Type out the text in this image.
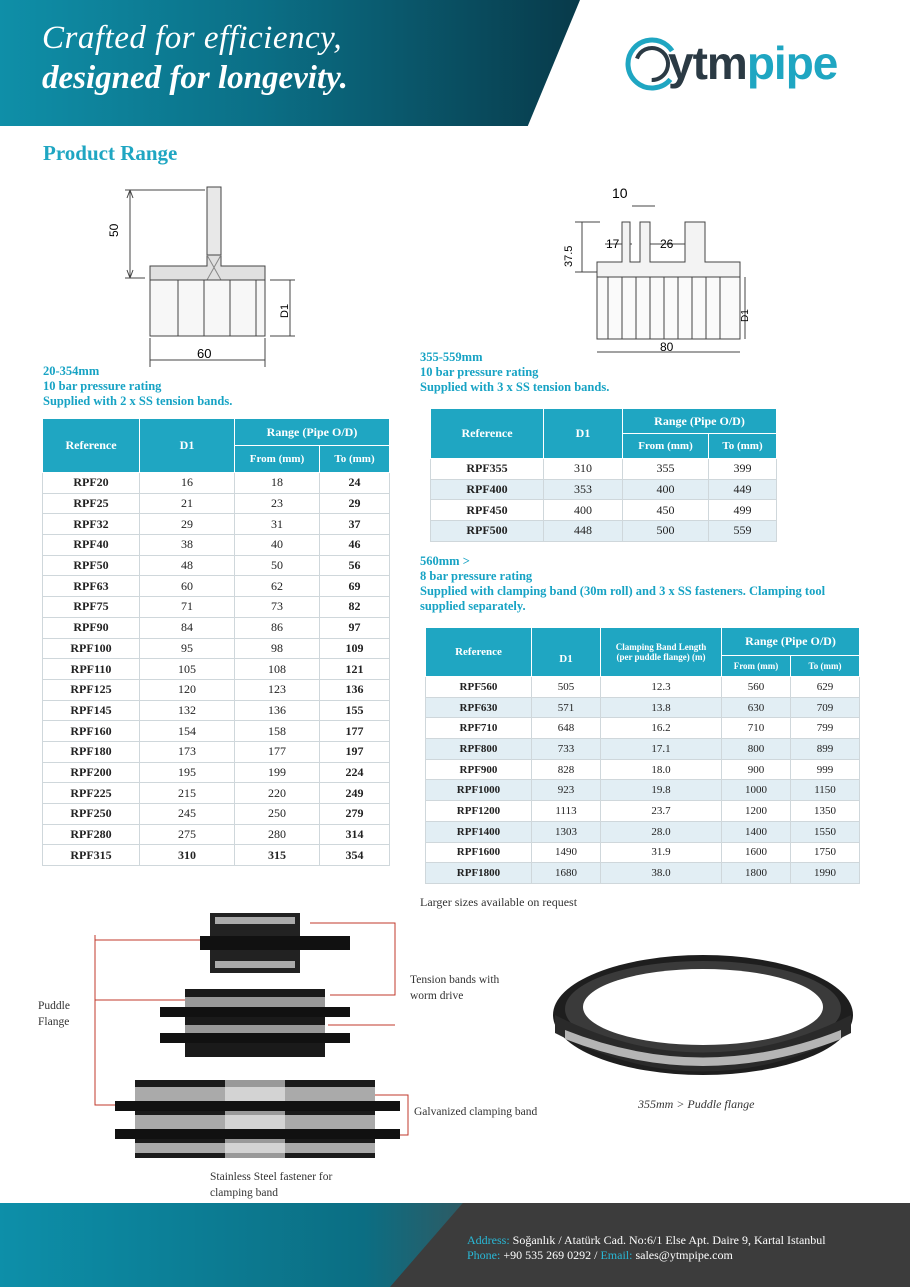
Crafted for efficiency,
designed for longevity.	ytmpipe
Product Range
50
D1
60
10
17	26
37.5
D1
80
20-354mm
10 bar pressure rating
Supplied with 2 x SS tension bands.
355-559mm
10 bar pressure rating
Supplied with 3 x SS tension bands.
560mm >
8 bar pressure rating
Supplied with clamping band (30m roll) and 3 x SS fasteners. Clamping tool
supplied separately.
Reference	D1	Range (Pipe O/D)	
		From (mm)	To (mm)
RPF20	16	18	24
RPF25	21	23	29
RPF32	29	31	37
RPF40	38	40	46
RPF50	48	50	56
RPF63	60	62	69
RPF75	71	73	82
RPF90	84	86	97
RPF100	95	98	109
RPF110	105	108	121
RPF125	120	123	136
RPF145	132	136	155
RPF160	154	158	177
RPF180	173	177	197
RPF200	195	199	224
RPF225	215	220	249
RPF250	245	250	279
RPF280	275	280	314
RPF315	310	315	354
Reference	D1	Range (Pipe O/D)	
		From (mm)	To (mm)
RPF355	310	355	399
RPF400	353	400	449
RPF450	400	450	499
RPF500	448	500	559
Reference	D1	Clamping Band Length
(per puddle flange) (m)	Range (Pipe O/D)	
			From (mm)	To (mm)
RPF560	505	12.3	560	629
RPF630	571	13.8	630	709
RPF710	648	16.2	710	799
RPF800	733	17.1	800	899
RPF900	828	18.0	900	999
RPF1000	923	19.8	1000	1150
RPF1200	1113	23.7	1200	1350
RPF1400	1303	28.0	1400	1550
RPF1600	1490	31.9	1600	1750
RPF1800	1680	38.0	1800	1990
Larger sizes available on request
Puddle
Flange
Tension bands with
worm drive
Galvanized clamping band
Stainless Steel fastener for
clamping band
355mm > Puddle flange
Address: Soğanlık / Atatürk Cad. No:6/1 Else Apt. Daire 9, Kartal Istanbul
Phone: +90 535 269 0292 / Email: sales@ytmpipe.com
